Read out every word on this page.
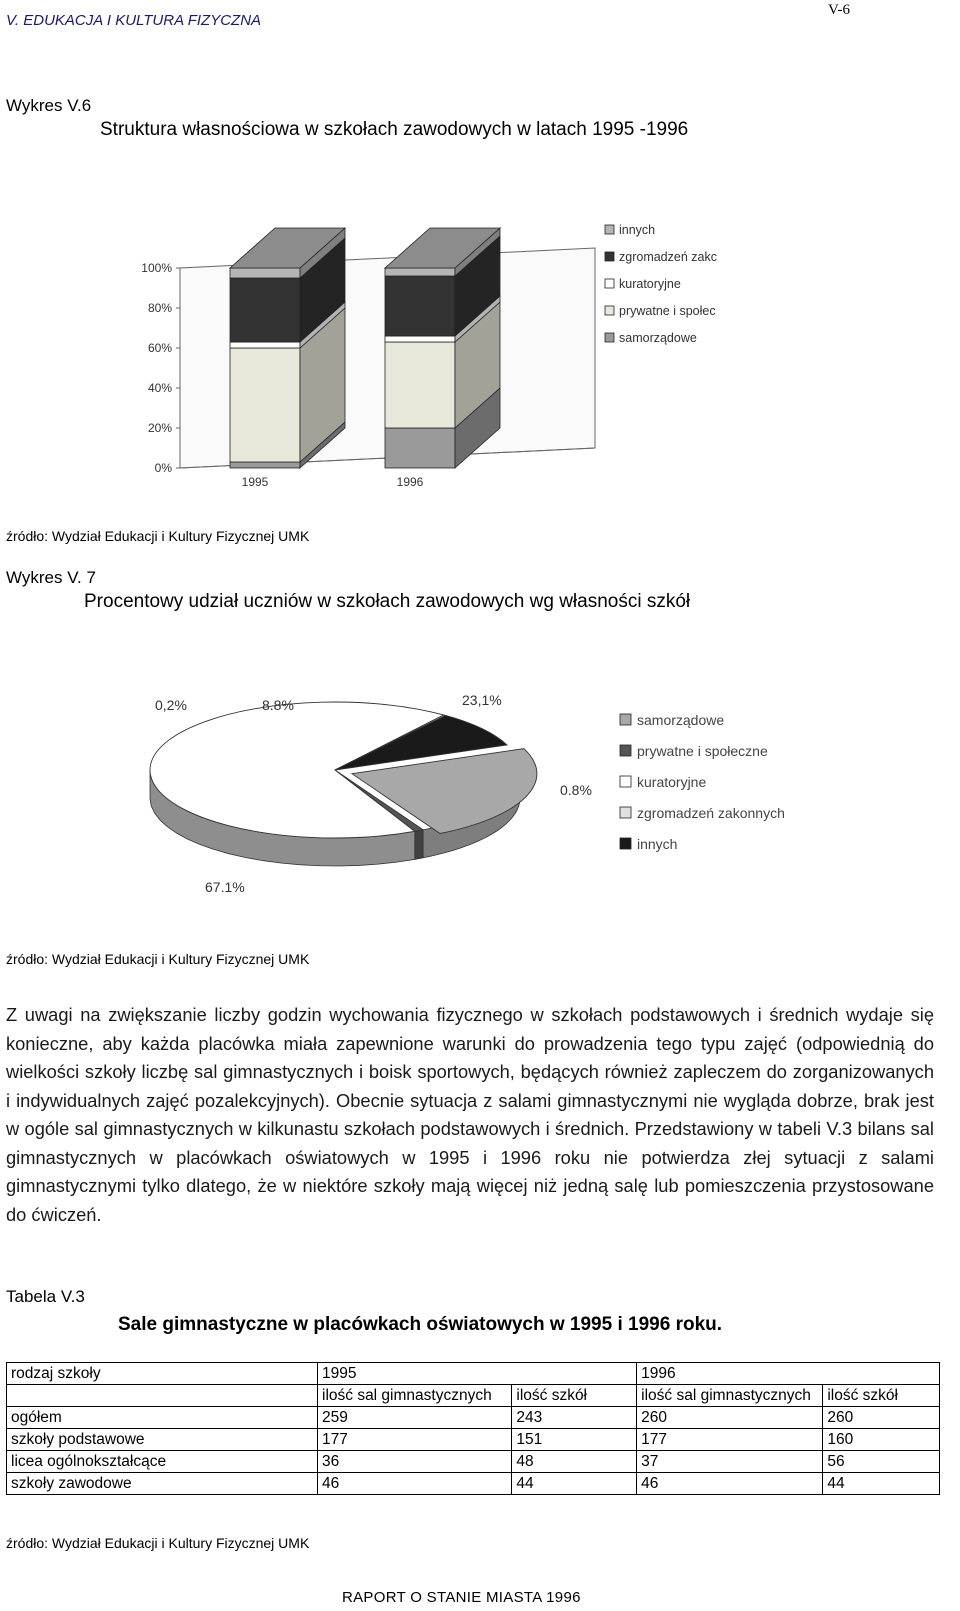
V. EDUKACJA I KULTURA FIZYCZNA
V-6
Wykres V.6
Struktura własnościowa w szkołach zawodowych w latach 1995 -1996
100%
80%
60%
40%
20%
0%
1995	1996
innych
zgromadzeń zakc
kuratoryjne
prywatne i społec
samorządowe
źródło: Wydział Edukacji i Kultury Fizycznej UMK
Wykres V. 7
Procentowy udział uczniów w szkołach zawodowych wg własności szkół
23,1%
0.8%
67.1%
0,2%	8.8%
samorządowe
prywatne i społeczne
kuratoryjne
zgromadzeń zakonnych
innych
źródło: Wydział Edukacji i Kultury Fizycznej UMK
Z uwagi na zwiększanie liczby godzin wychowania fizycznego w szkołach podstawowych i średnich wydaje się konieczne, aby każda placówka miała zapewnione warunki do prowadzenia tego typu zajęć (odpowiednią do wielkości szkoły liczbę sal gimnastycznych i boisk sportowych, będących również zapleczem do zorganizowanych i indywidualnych zajęć pozalekcyjnych). Obecnie sytuacja z salami gimnastycznymi nie wygląda dobrze, brak jest w ogóle sal gimnastycznych w kilkunastu szkołach podstawowych i średnich. Przedstawiony w tabeli V.3 bilans sal gimnastycznych w placówkach oświatowych w 1995 i 1996 roku nie potwierdza złej sytuacji z salami gimnastycznymi tylko dlatego, że w niektóre szkoły mają więcej niż jedną salę lub pomieszczenia przystosowane do ćwiczeń.
Tabela V.3
Sale gimnastyczne w placówkach oświatowych w 1995 i 1996 roku.
rodzaj szkoły	1995		1996	
	ilość sal gimnastycznych	ilość szkół	ilość sal gimnastycznych	ilość szkół
ogółem	259	243	260	260
szkoły podstawowe	177	151	177	160
licea ogólnokształcące	36	48	37	56
szkoły zawodowe	46	44	46	44
źródło: Wydział Edukacji i Kultury Fizycznej UMK
RAPORT O STANIE MIASTA 1996
